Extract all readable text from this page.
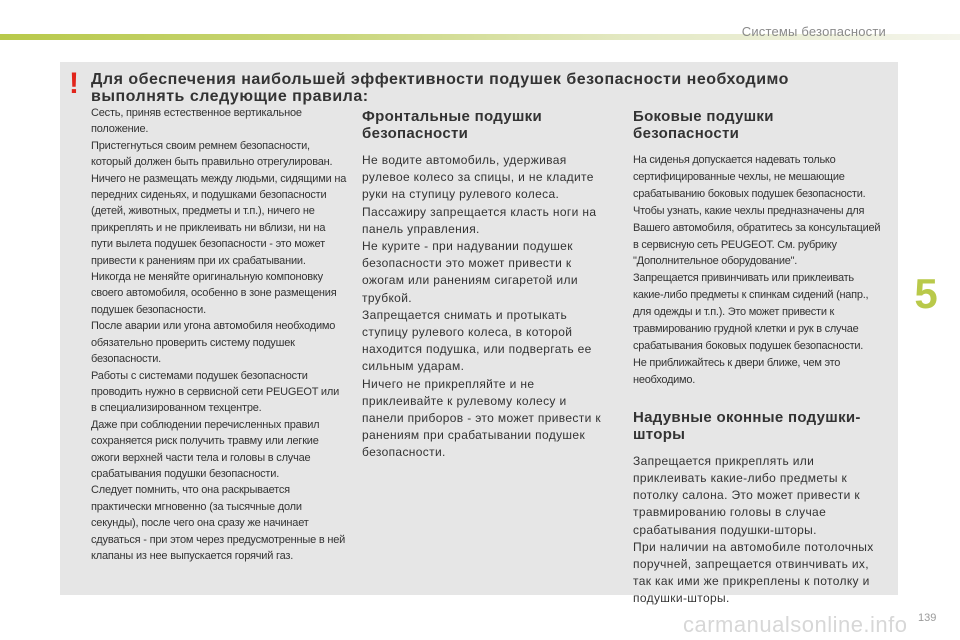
Системы безопасности
! Для обеспечения наибольшей эффективности подушек безопасности необходимо выполнять следующие правила:

Сесть, приняв естественное вертикальное положение.

Пристегнуться своим ремнем безопасности, который должен быть правильно отрегулирован.

Ничего не размещать между людьми, сидящими на передних сиденьях, и подушками безопасности (детей, животных, предметы и т.п.), ничего не прикреплять и не приклеивать ни вблизи, ни на пути вылета подушек безопасности - это может привести к ранениям при их срабатывании.

Никогда не меняйте оригинальную компоновку своего автомобиля, особенно в зоне размещения подушек безопасности.

После аварии или угона автомобиля необходимо обязательно проверить систему подушек безопасности.

Работы с системами подушек безопасности проводить нужно в сервисной сети PEUGEOT или в специализированном техцентре.

Даже при соблюдении перечисленных правил сохраняется риск получить травму или легкие ожоги верхней части тела и головы в случае срабатывания подушки безопасности.

Следует помнить, что она раскрывается практически мгновенно (за тысячные доли секунды), после чего она сразу же начинает сдуваться - при этом через предусмотренные в ней клапаны из нее выпускается горячий газ.

Фронтальные подушки безопасности

Не водите автомобиль, удерживая рулевое колесо за спицы, и не кладите руки на ступицу рулевого колеса.

Пассажиру запрещается класть ноги на панель управления.

Не курите - при надувании подушек безопасности это может привести к ожогам или ранениям сигаретой или трубкой.

Запрещается снимать и протыкать ступицу рулевого колеса, в которой находится подушка, или подвергать ее сильным ударам.

Ничего не прикрепляйте и не приклеивайте к рулевому колесу и панели приборов - это может привести к ранениям при срабатывании подушек безопасности.

Боковые подушки безопасности

На сиденья допускается надевать только сертифицированные чехлы, не мешающие срабатыванию боковых подушек безопасности. Чтобы узнать, какие чехлы предназначены для Вашего автомобиля, обратитесь за консультацией в сервисную сеть PEUGEOT. См. рубрику "Дополнительное оборудование".

Запрещается привинчивать или приклеивать какие-либо предметы к спинкам сидений (напр., для одежды и т.п.). Это может привести к травмированию грудной клетки и рук в случае срабатывания боковых подушек безопасности.

Не приближайтесь к двери ближе, чем это необходимо.

Надувные оконные подушки-шторы

Запрещается прикреплять или приклеивать какие-либо предметы к потолку салона. Это может привести к травмированию головы в случае срабатывания подушки-шторы.

При наличии на автомобиле потолочных поручней, запрещается отвинчивать их, так как ими же прикреплены к потолку и подушки-шторы.

5
carmanualsonline.info 139
